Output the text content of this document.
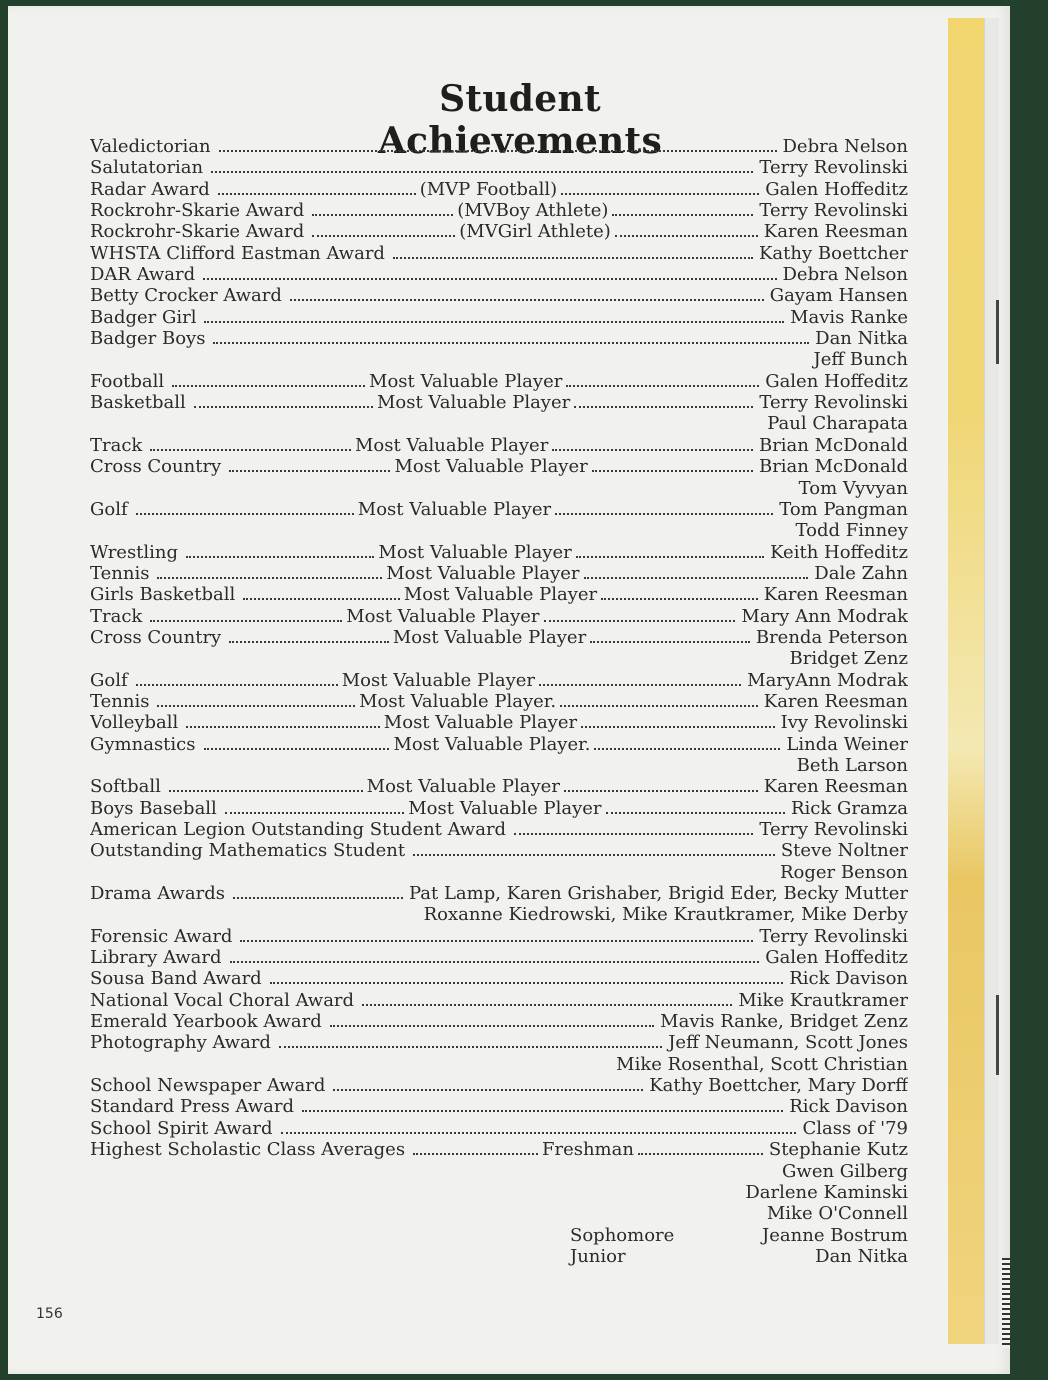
Student Achievements
Valedictorian	Debra Nelson
Salutatorian	Terry Revolinski
Radar Award	(MVP Football)	Galen Hoffeditz
Rockrohr-Skarie Award	(MVBoy Athlete)	Terry Revolinski
Rockrohr-Skarie Award	(MVGirl Athlete)	Karen Reesman
WHSTA Clifford Eastman Award	Kathy Boettcher
DAR Award	Debra Nelson
Betty Crocker Award	Gayam Hansen
Badger Girl	Mavis Ranke
Badger Boys	Dan Nitka
Jeff Bunch
Football	Most Valuable Player	Galen Hoffeditz
Basketball	Most Valuable Player	Terry Revolinski
Paul Charapata
Track	Most Valuable Player	Brian McDonald
Cross Country	Most Valuable Player	Brian McDonald
Tom Vyvyan
Golf	Most Valuable Player	Tom Pangman
Todd Finney
Wrestling	Most Valuable Player	Keith Hoffeditz
Tennis	Most Valuable Player	Dale Zahn
Girls Basketball	Most Valuable Player	Karen Reesman
Track	Most Valuable Player	Mary Ann Modrak
Cross Country	Most Valuable Player	Brenda Peterson
Bridget Zenz
Golf	Most Valuable Player	MaryAnn Modrak
Tennis	Most Valuable Player.	Karen Reesman
Volleyball	Most Valuable Player	Ivy Revolinski
Gymnastics	Most Valuable Player.	Linda Weiner
Beth Larson
Softball	Most Valuable Player	Karen Reesman
Boys Baseball	Most Valuable Player	Rick Gramza
American Legion Outstanding Student Award	Terry Revolinski
Outstanding Mathematics Student	Steve Noltner
Roger Benson
Drama Awards	Pat Lamp, Karen Grishaber, Brigid Eder, Becky Mutter
Roxanne Kiedrowski, Mike Krautkramer, Mike Derby
Forensic Award	Terry Revolinski
Library Award	Galen Hoffeditz
Sousa Band Award	Rick Davison
National Vocal Choral Award	Mike Krautkramer
Emerald Yearbook Award	Mavis Ranke, Bridget Zenz
Photography Award	Jeff Neumann, Scott Jones
Mike Rosenthal, Scott Christian
School Newspaper Award	Kathy Boettcher, Mary Dorff
Standard Press Award	Rick Davison
School Spirit Award	Class of '79
Highest Scholastic Class Averages	Freshman	Stephanie Kutz
Gwen Gilberg
Darlene Kaminski
Mike O'Connell
Sophomore	Jeanne Bostrum
Junior	Dan Nitka
156
